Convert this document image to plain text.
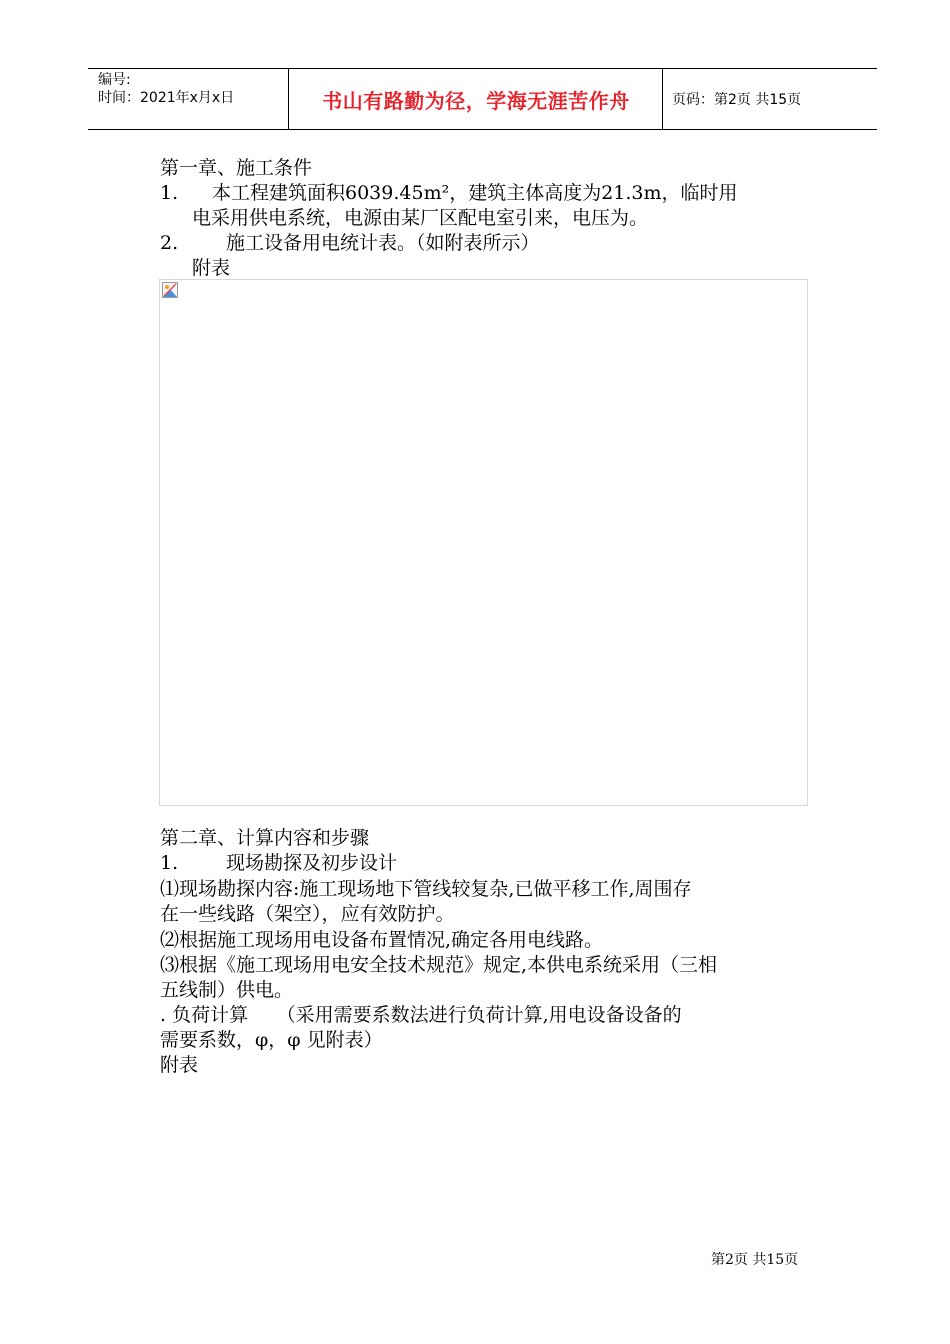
编号:
时间：2021年x月x日	书山有路勤为径，学海无涯苦作舟	页码：第2页 共15页
第一章、施工条件
1. 本工程建筑面积6039.45m²，建筑主体高度为21.3m，临时用
电采用供电系统，电源由某厂区配电室引来，电压为。
2.	施工设备用电统计表。（如附表所示）
附表
第二章、计算内容和步骤
1.	现场勘探及初步设计
⑴现场勘探内容:施工现场地下管线较复杂,已做平移工作,周围存
在一些线路（架空），应有效防护。
⑵根据施工现场用电设备布置情况,确定各用电线路。
⑶根据《施工现场用电安全技术规范》规定,本供电系统采用（三相
五线制）供电。
. 负荷计算　　（采用需要系数法进行负荷计算,用电设备设备的
需要系数，φ，φ 见附表）
附表
第2页 共15页
